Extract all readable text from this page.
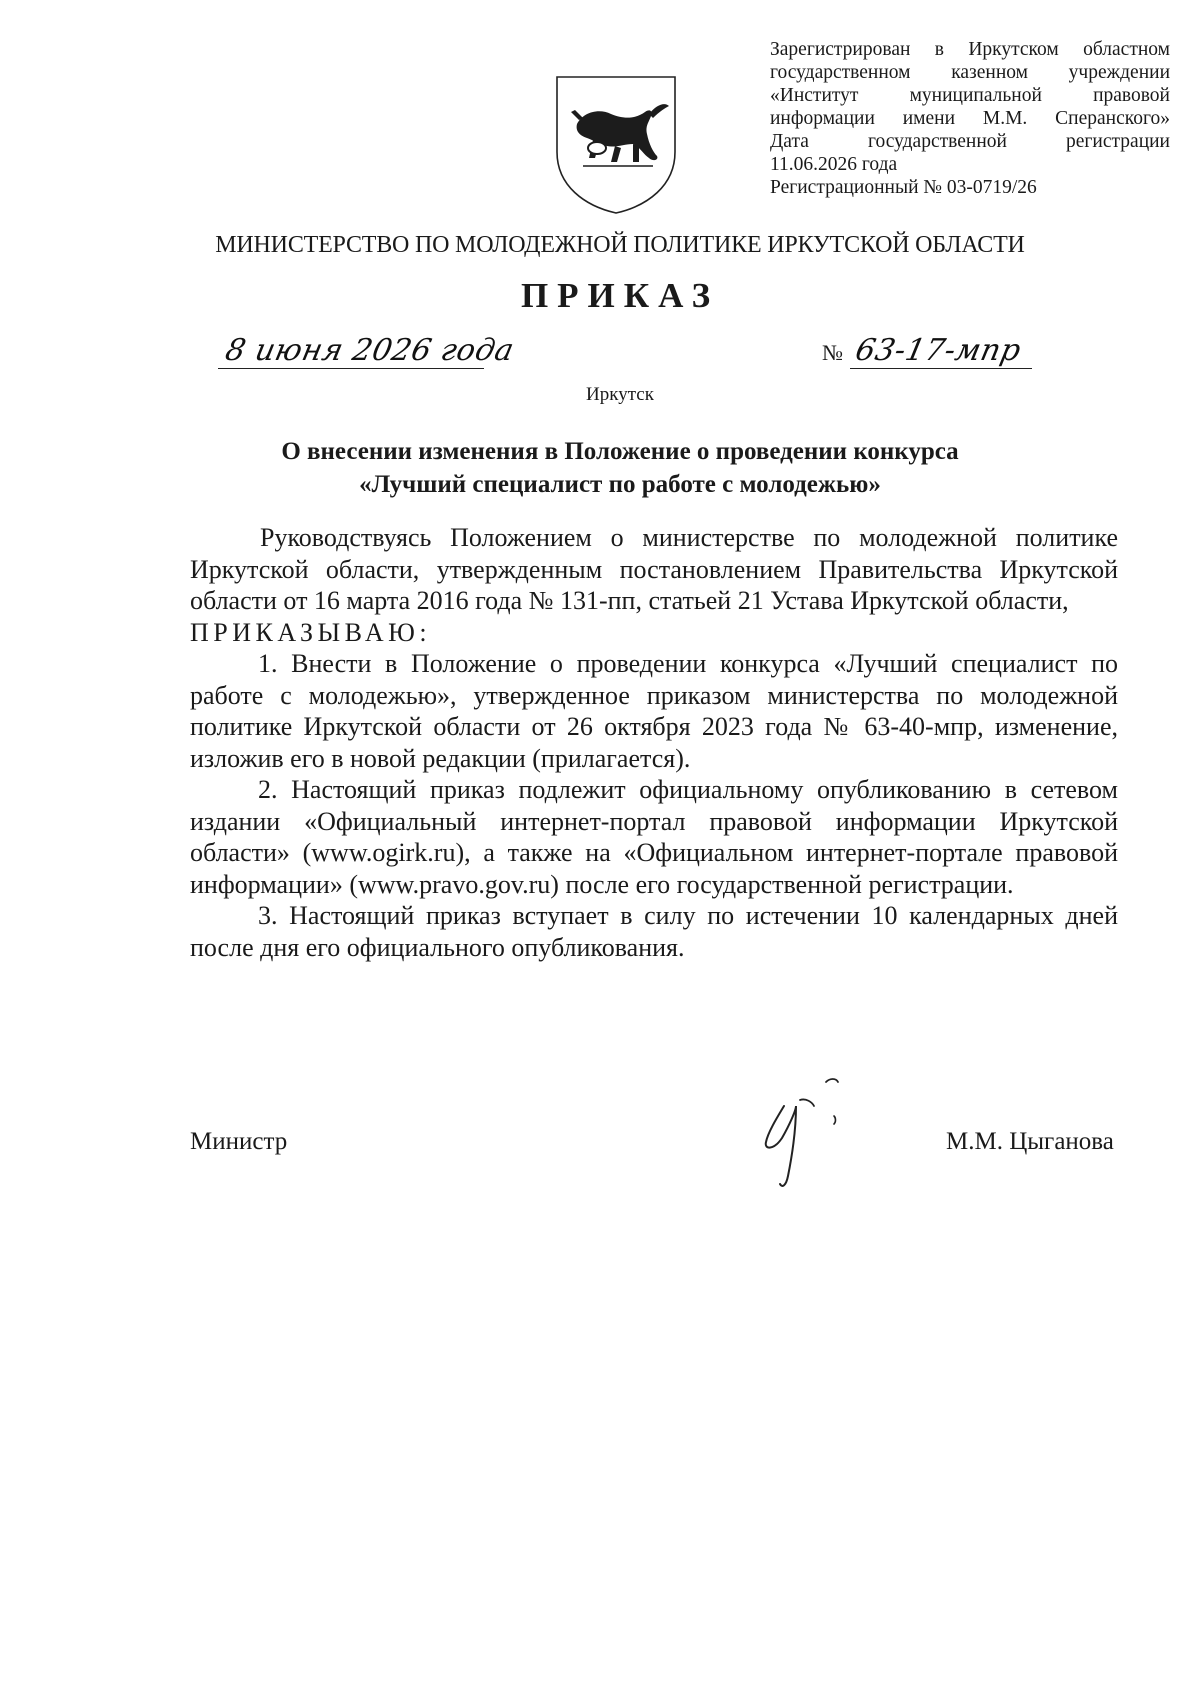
Зарегистрирован в Иркутском областном
государственном казенном учреждении
«Институт муниципальной правовой
информации имени М.М. Сперанского»
Дата государственной регистрации
11.06.2026 года
Регистрационный № 03-0719/26
МИНИСТЕРСТВО ПО МОЛОДЕЖНОЙ ПОЛИТИКЕ ИРКУТСКОЙ ОБЛАСТИ
ПРИКАЗ
8 июня 2026 года	№ 63-17-мпр
Иркутск
О внесении изменения в Положение о проведении конкурса
«Лучший специалист по работе с молодежью»

Руководствуясь Положением о министерстве по молодежной политике Иркутской области, утвержденным постановлением Правительства Иркутской области от 16 марта 2016 года № 131-пп, статьей 21 Устава Иркутской области,

ПРИКАЗЫВАЮ:

1. Внести в Положение о проведении конкурса «Лучший специалист по работе с молодежью», утвержденное приказом министерства по молодежной политике Иркутской области от 26 октября 2023 года № 63-40-мпр, изменение, изложив его в новой редакции (прилагается).

2. Настоящий приказ подлежит официальному опубликованию в сетевом издании «Официальный интернет-портал правовой информации Иркутской области» (www.ogirk.ru), а также на «Официальном интернет-портале правовой информации» (www.pravo.gov.ru) после его государственной регистрации.

3. Настоящий приказ вступает в силу по истечении 10 календарных дней после дня его официального опубликования.

Министр	М.М. Цыганова
